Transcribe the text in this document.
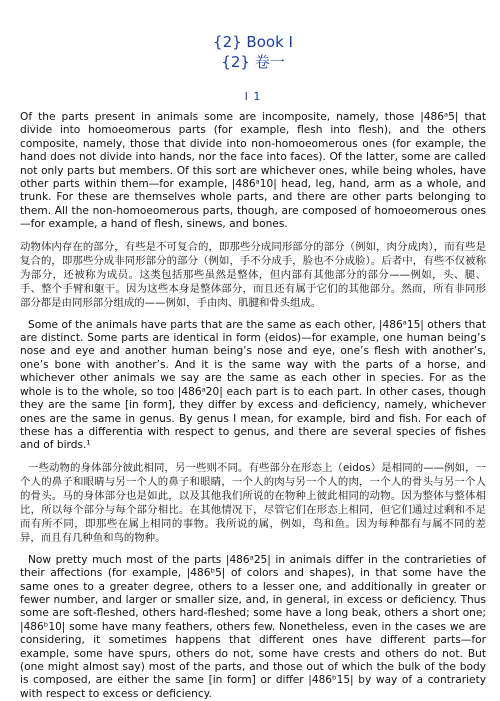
{2} Book I
{2} 卷一
I 1

Of the parts present in animals some are incomposite, namely, those |486ᵃ5| that divide into homoeomerous parts (for example, flesh into flesh), and the others composite, namely, those that divide into non-homoeomerous ones (for example, the hand does not divide into hands, nor the face into faces). Of the latter, some are called not only parts but members. Of this sort are whichever ones, while being wholes, have other parts within them—for example, |486ᵃ10| head, leg, hand, arm as a whole, and trunk. For these are themselves whole parts, and there are other parts belonging to them. All the non-homoeomerous parts, though, are composed of homoeomerous ones—for example, a hand of flesh, sinews, and bones.

动物体内存在的部分，有些是不可复合的，即那些分成同形部分的部分（例如，肉分成肉），而有些是复合的，即那些分成非同形部分的部分（例如，手不分成手，脸也不分成脸）。后者中，有些不仅被称为部分，还被称为成员。这类包括那些虽然是整体，但内部有其他部分的部分——例如，头、腿、手、整个手臂和躯干。因为这些本身是整体部分，而且还有属于它们的其他部分。然而，所有非同形部分都是由同形部分组成的——例如，手由肉、肌腱和骨头组成。

Some of the animals have parts that are the same as each other, |486ᵃ15| others that are distinct. Some parts are identical in form (eidos)—for example, one human being’s nose and eye and another human being’s nose and eye, one’s flesh with another’s, one’s bone with another’s. And it is the same way with the parts of a horse, and whichever other animals we say are the same as each other in species. For as the whole is to the whole, so too |486ᵃ20| each part is to each part. In other cases, though they are the same [in form], they differ by excess and deficiency, namely, whichever ones are the same in genus. By genus I mean, for example, bird and fish. For each of these has a differentia with respect to genus, and there are several species of fishes and of birds.¹

一些动物的身体部分彼此相同，另一些则不同。有些部分在形态上（eidos）是相同的——例如，一个人的鼻子和眼睛与另一个人的鼻子和眼睛，一个人的肉与另一个人的肉，一个人的骨头与另一个人的骨头。马的身体部分也是如此，以及其他我们所说的在物种上彼此相同的动物。因为整体与整体相比，所以每个部分与每个部分相比。在其他情况下，尽管它们在形态上相同，但它们通过过剩和不足而有所不同，即那些在属上相同的事物。我所说的属，例如，鸟和鱼。因为每种都有与属不同的差异，而且有几种鱼和鸟的物种。

Now pretty much most of the parts |486ᵃ25| in animals differ in the contrarieties of their affections (for example, |486ᵇ5| of colors and shapes), in that some have the same ones to a greater degree, others to a lesser one, and additionally in greater or fewer number, and larger or smaller size, and, in general, in excess or deficiency. Thus some are soft-fleshed, others hard-fleshed; some have a long beak, others a short one; |486ᵇ10| some have many feathers, others few. Nonetheless, even in the cases we are considering, it sometimes happens that different ones have different parts—for example, some have spurs, others do not, some have crests and others do not. But (one might almost say) most of the parts, and those out of which the bulk of the body is composed, are either the same [in form] or differ |486ᵇ15| by way of a contrariety with respect to excess or deficiency.
